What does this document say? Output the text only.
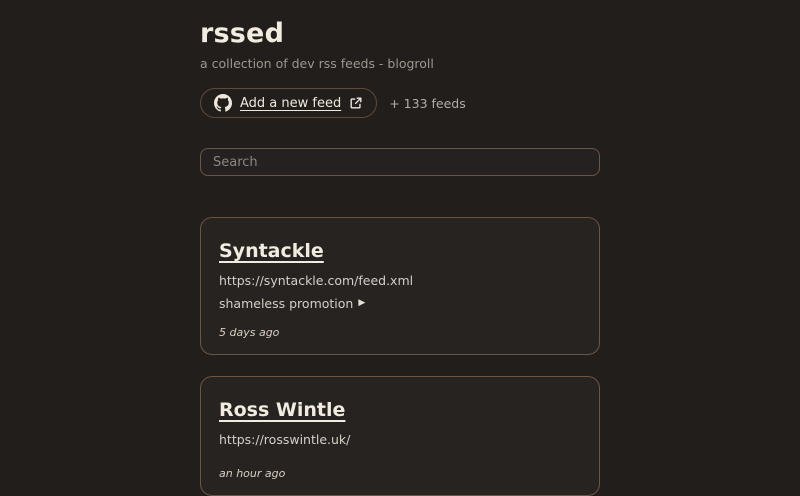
rssed

a collection of dev rss feeds - blogroll

Add a new feed	+ 133 feeds
Search
Syntackle

https://syntackle.com/feed.xml

shameless promotion ▶

5 days ago

Ross Wintle

https://rosswintle.uk/

an hour ago
